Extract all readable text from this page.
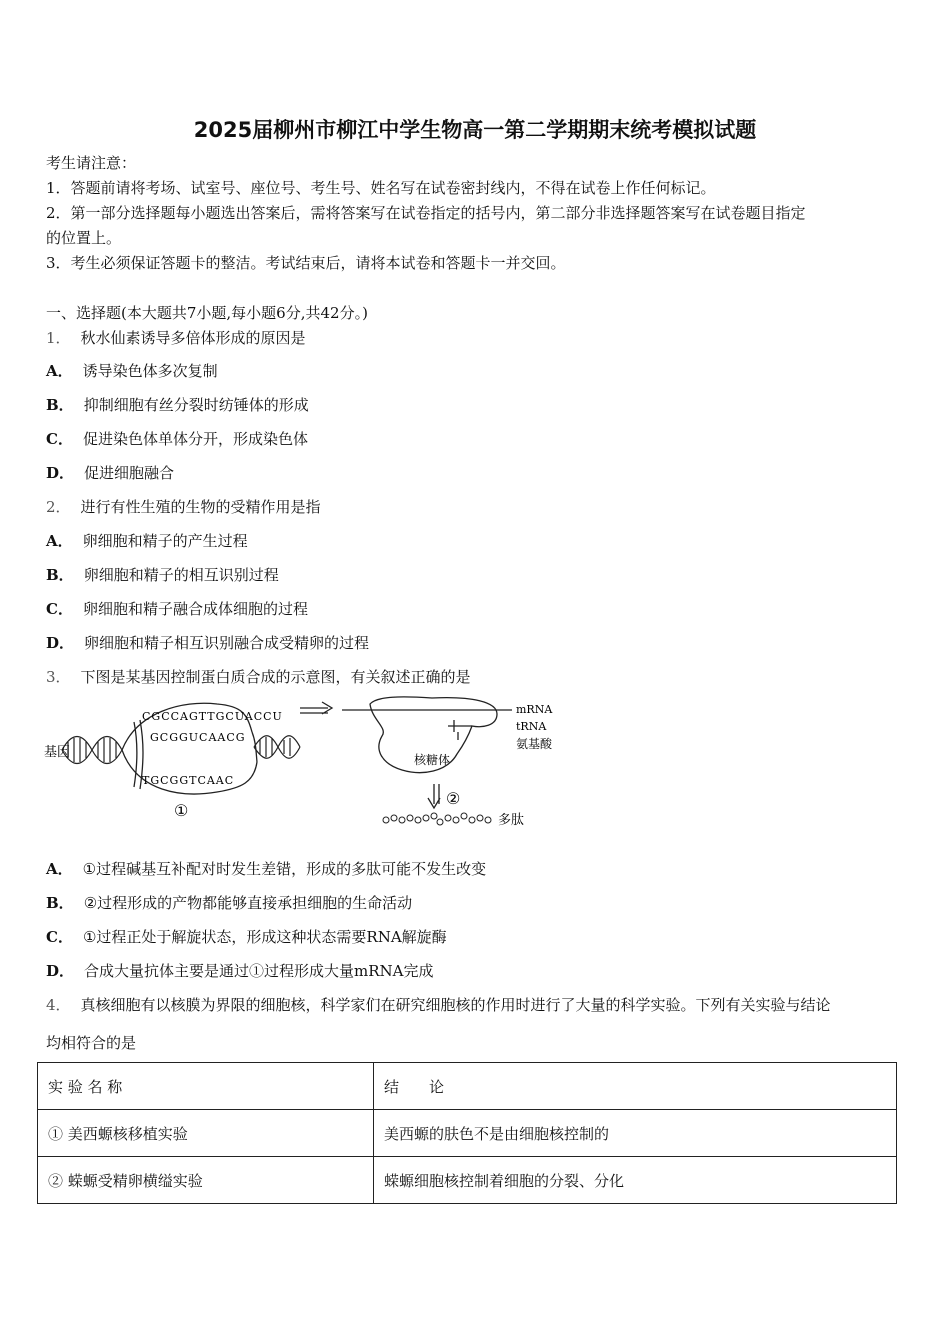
2025届柳州市柳江中学生物高一第二学期期末统考模拟试题
考生请注意：
1．答题前请将考场、试室号、座位号、考生号、姓名写在试卷密封线内，不得在试卷上作任何标记。
2．第一部分选择题每小题选出答案后，需将答案写在试卷指定的括号内，第二部分非选择题答案写在试卷题目指定
的位置上。
3．考生必须保证答题卡的整洁。考试结束后，请将本试卷和答题卡一并交回。
一、选择题(本大题共7小题,每小题6分,共42分。)
1． 秋水仙素诱导多倍体形成的原因是
A． 诱导染色体多次复制
B． 抑制细胞有丝分裂时纺锤体的形成
C． 促进染色体单体分开，形成染色体
D． 促进细胞融合
2． 进行有性生殖的生物的受精作用是指
A． 卵细胞和精子的产生过程
B． 卵细胞和精子的相互识别过程
C． 卵细胞和精子融合成体细胞的过程
D． 卵细胞和精子相互识别融合成受精卵的过程
3． 下图是某基因控制蛋白质合成的示意图，有关叙述正确的是
基因
CGCCAGTTGCUACCU
GCGGUCAACG
TGCGGTCAAC
①
mRNA
tRNA
氨基酸
核糖体
②
多肽
A． ①过程碱基互补配对时发生差错，形成的多肽可能不发生改变
B． ②过程形成的产物都能够直接承担细胞的生命活动
C． ①过程正处于解旋状态，形成这种状态需要RNA解旋酶
D． 合成大量抗体主要是通过①过程形成大量mRNA完成
4． 真核细胞有以核膜为界限的细胞核，科学家们在研究细胞核的作用时进行了大量的科学实验。下列有关实验与结论
均相符合的是
实 验 名 称	结　　论
① 美西螈核移植实验	美西螈的肤色不是由细胞核控制的
② 蝾螈受精卵横缢实验	蝾螈细胞核控制着细胞的分裂、分化
